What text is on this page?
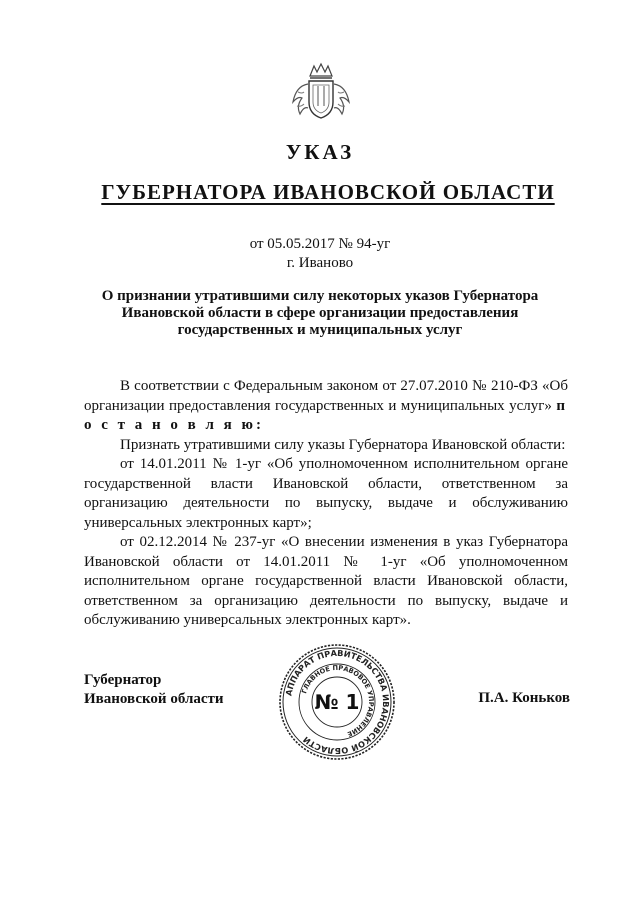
УКАЗ
ГУБЕРНАТОРА ИВАНОВСКОЙ ОБЛАСТИ
от 05.05.2017 № 94-уг
г. Иваново
О признании утратившими силу некоторых указов Губернатора
Ивановской области в сфере организации предоставления
государственных и муниципальных услуг

В соответствии с Федеральным законом от 27.07.2010 № 210-ФЗ «Об организации предоставления государственных и муниципальных услуг» п о с т а н о в л я ю:

Признать утратившими силу указы Губернатора Ивановской области:

от 14.01.2011 № 1-уг «Об уполномоченном исполнительном органе государственной власти Ивановской области, ответственном за организацию деятельности по выпуску, выдаче и обслуживанию универсальных электронных карт»;

от 02.12.2014 № 237-уг «О внесении изменения в указ Губернатора Ивановской области от 14.01.2011 № 1-уг «Об уполномоченном исполнительном органе государственной власти Ивановской области, ответственном за организацию деятельности по выпуску, выдаче и обслуживанию универсальных электронных карт».

Губернатор
Ивановской области	П.А. Коньков
АППАРАТ ПРАВИТЕЛЬСТВА ИВАНОВСКОЙ ОБЛАСТИ
ГЛАВНОЕ ПРАВОВОЕ УПРАВЛЕНИЕ
№ 1
